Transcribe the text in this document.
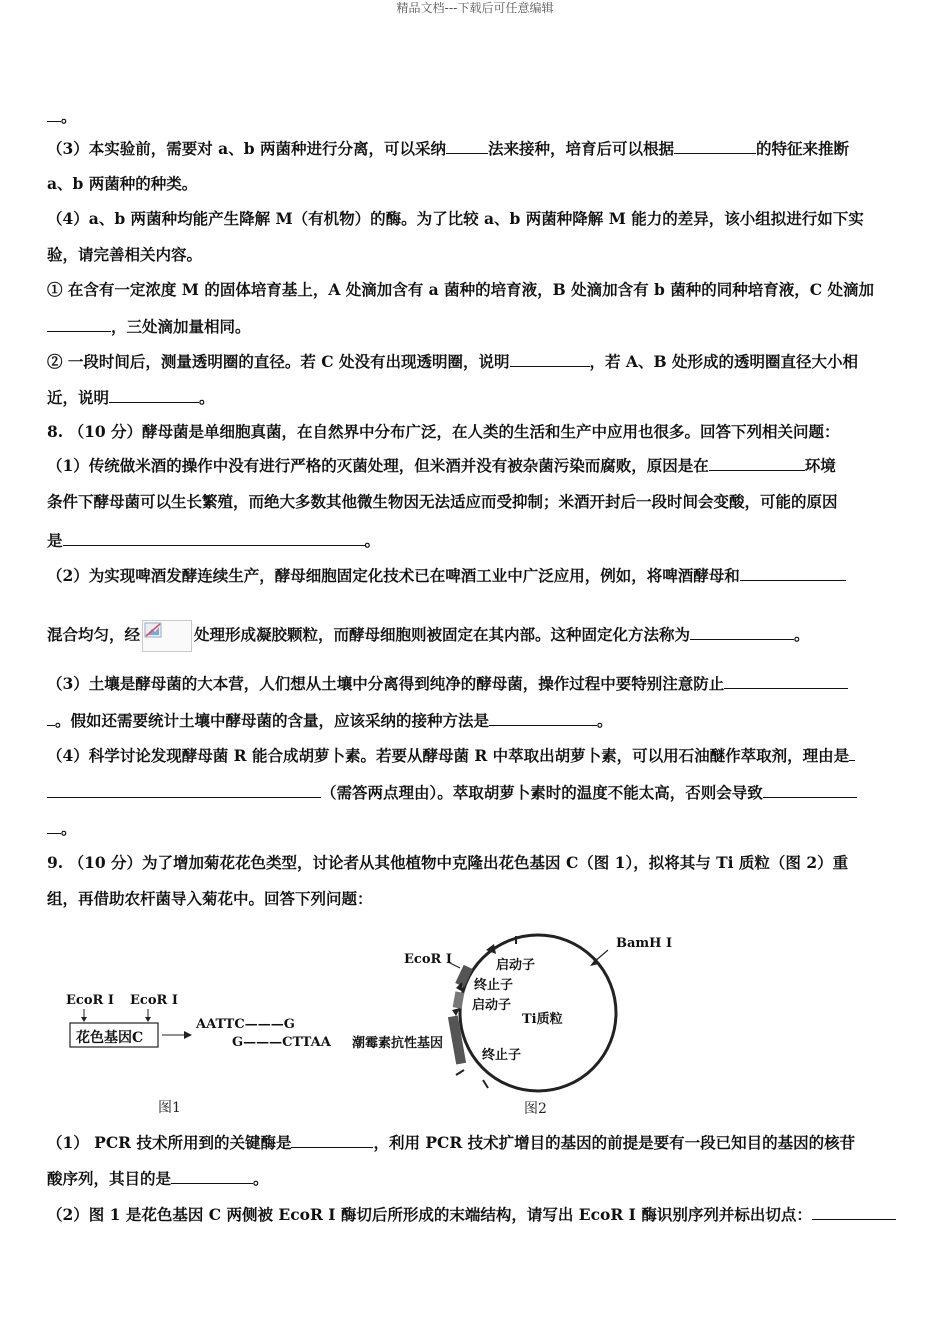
精品文档---下载后可任意编辑
。
（3）本实验前，需要对 a、b 两菌种进行分离，可以采纳	法来接种，培育后可以根据	的特征来推断
a、b 两菌种的种类。
（4）a、b 两菌种均能产生降解 M（有机物）的酶。为了比较 a、b 两菌种降解 M 能力的差异，该小组拟进行如下实
验，请完善相关内容。
① 在含有一定浓度 M 的固体培育基上，A 处滴加含有 a 菌种的培育液，B 处滴加含有 b 菌种的同种培育液，C 处滴加
，三处滴加量相同。
② 一段时间后，测量透明圈的直径。若 C 处没有出现透明圈，说明	，若 A、B 处形成的透明圈直径大小相
近，说明	。
8. （10 分）酵母菌是单细胞真菌，在自然界中分布广泛，在人类的生活和生产中应用也很多。回答下列相关问题：
（1）传统做米酒的操作中没有进行严格的灭菌处理，但米酒并没有被杂菌污染而腐败，原因是在	环境
条件下酵母菌可以生长繁殖，而绝大多数其他微生物因无法适应而受抑制；米酒开封后一段时间会变酸，可能的原因
是	。
（2）为实现啤酒发酵连续生产，酵母细胞固定化技术已在啤酒工业中广泛应用，例如，将啤酒酵母和
混合均匀，经	处理形成凝胶颗粒，而酵母细胞则被固定在其内部。这种固定化方法称为	。
（3）土壤是酵母菌的大本营，人们想从土壤中分离得到纯净的酵母菌，操作过程中要特别注意防止
。假如还需要统计土壤中酵母菌的含量，应该采纳的接种方法是	。
（4）科学讨论发现酵母菌 R 能合成胡萝卜素。若要从酵母菌 R 中萃取出胡萝卜素，可以用石油醚作萃取剂，理由是
（需答两点理由）。萃取胡萝卜素时的温度不能太高，否则会导致
。
9. （10 分）为了增加菊花花色类型，讨论者从其他植物中克隆出花色基因 C（图 1），拟将其与 Ti 质粒（图 2）重
组，再借助农杆菌导入菊花中。回答下列问题：
EcoR Ⅰ EcoR Ⅰ
花色基因C
AATTC———G
G———CTTAA
图1
EcoR Ⅰ
BamH Ⅰ
启动子
终止子
启动子
Ti质粒
潮霉素抗性基因
终止子
图2
（1） PCR 技术所用到的关键酶是	，利用 PCR 技术扩增目的基因的前提是要有一段已知目的基因的核苷
酸序列，其目的是	。
（2）图 1 是花色基因 C 两侧被 EcoR I 酶切后所形成的末端结构，请写出 EcoR I 酶识别序列并标出切点：
